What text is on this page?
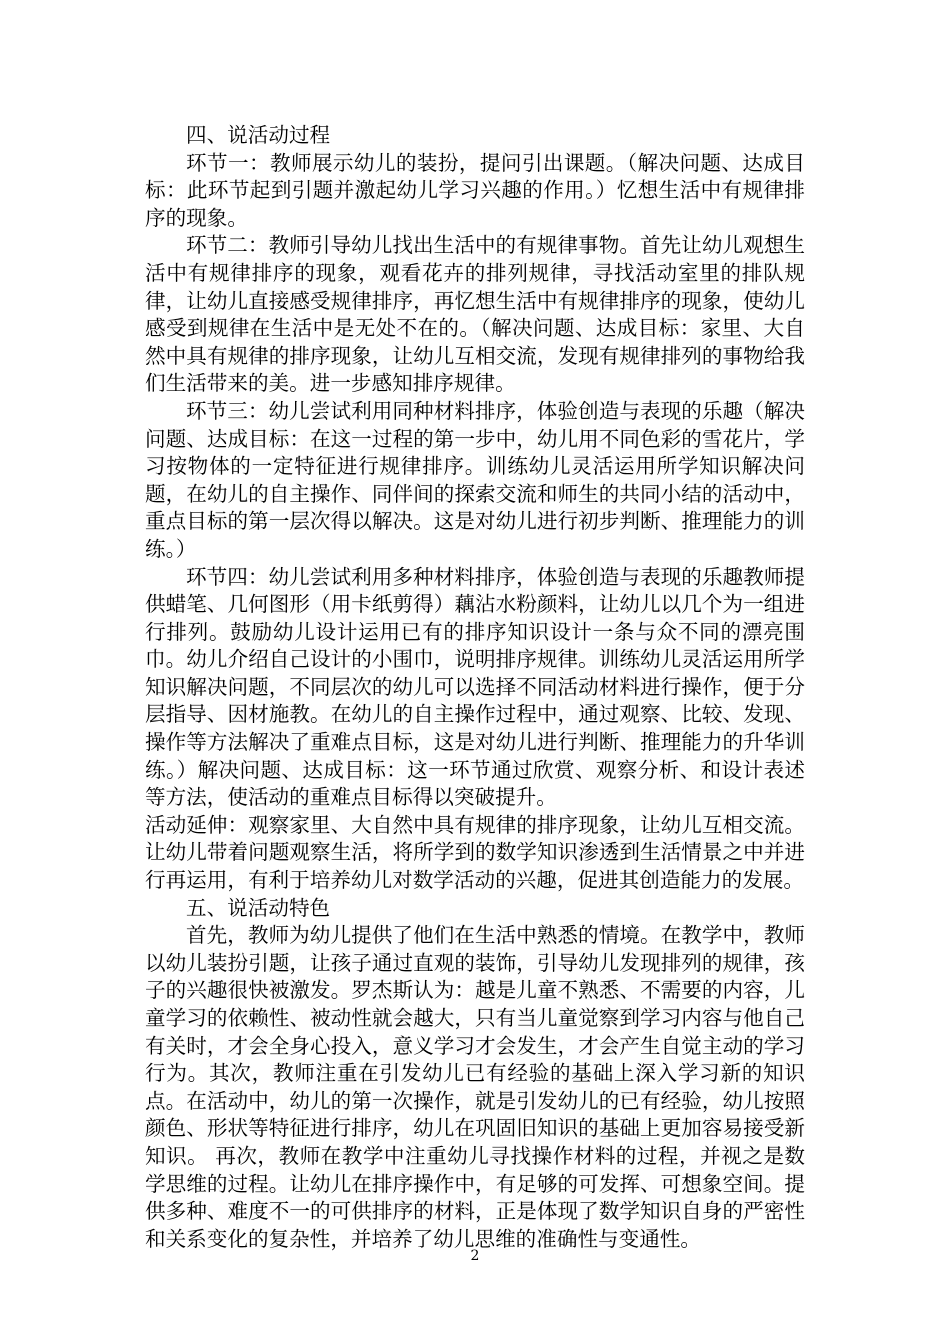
四、说活动过程

环节一：教师展示幼儿的装扮，提问引出课题。（解决问题、达成目标：此环节起到引题并激起幼儿学习兴趣的作用。）忆想生活中有规律排序的现象。

环节二：教师引导幼儿找出生活中的有规律事物。首先让幼儿观想生活中有规律排序的现象，观看花卉的排列规律，寻找活动室里的排队规律，让幼儿直接感受规律排序，再忆想生活中有规律排序的现象，使幼儿感受到规律在生活中是无处不在的。（解决问题、达成目标：家里、大自然中具有规律的排序现象，让幼儿互相交流，发现有规律排列的事物给我们生活带来的美。进一步感知排序规律。

环节三：幼儿尝试利用同种材料排序，体验创造与表现的乐趣（解决问题、达成目标：在这一过程的第一步中，幼儿用不同色彩的雪花片，学习按物体的一定特征进行规律排序。训练幼儿灵活运用所学知识解决问题，在幼儿的自主操作、同伴间的探索交流和师生的共同小结的活动中，重点目标的第一层次得以解决。这是对幼儿进行初步判断、推理能力的训练。）

环节四：幼儿尝试利用多种材料排序，体验创造与表现的乐趣教师提供蜡笔、几何图形（用卡纸剪得）藕沾水粉颜料，让幼儿以几个为一组进行排列。鼓励幼儿设计运用已有的排序知识设计一条与众不同的漂亮围巾。幼儿介绍自己设计的小围巾，说明排序规律。训练幼儿灵活运用所学知识解决问题，不同层次的幼儿可以选择不同活动材料进行操作，便于分层指导、因材施教。在幼儿的自主操作过程中，通过观察、比较、发现、操作等方法解决了重难点目标，这是对幼儿进行判断、推理能力的升华训练。）解决问题、达成目标：这一环节通过欣赏、观察分析、和设计表述等方法，使活动的重难点目标得以突破提升。

活动延伸：观察家里、大自然中具有规律的排序现象，让幼儿互相交流。让幼儿带着问题观察生活，将所学到的数学知识渗透到生活情景之中并进行再运用，有利于培养幼儿对数学活动的兴趣，促进其创造能力的发展。

五、说活动特色

首先，教师为幼儿提供了他们在生活中熟悉的情境。在教学中，教师以幼儿装扮引题，让孩子通过直观的装饰，引导幼儿发现排列的规律，孩子的兴趣很快被激发。罗杰斯认为：越是儿童不熟悉、不需要的内容，儿童学习的依赖性、被动性就会越大，只有当儿童觉察到学习内容与他自己有关时，才会全身心投入，意义学习才会发生，才会产生自觉主动的学习行为。其次，教师注重在引发幼儿已有经验的基础上深入学习新的知识点。在活动中，幼儿的第一次操作，就是引发幼儿的已有经验，幼儿按照颜色、形状等特征进行排序，幼儿在巩固旧知识的基础上更加容易接受新知识。 再次，教师在教学中注重幼儿寻找操作材料的过程，并视之是数学思维的过程。让幼儿在排序操作中，有足够的可发挥、可想象空间。提供多种、难度不一的可供排序的材料，正是体现了数学知识自身的严密性和关系变化的复杂性，并培养了幼儿思维的准确性与变通性。

2
